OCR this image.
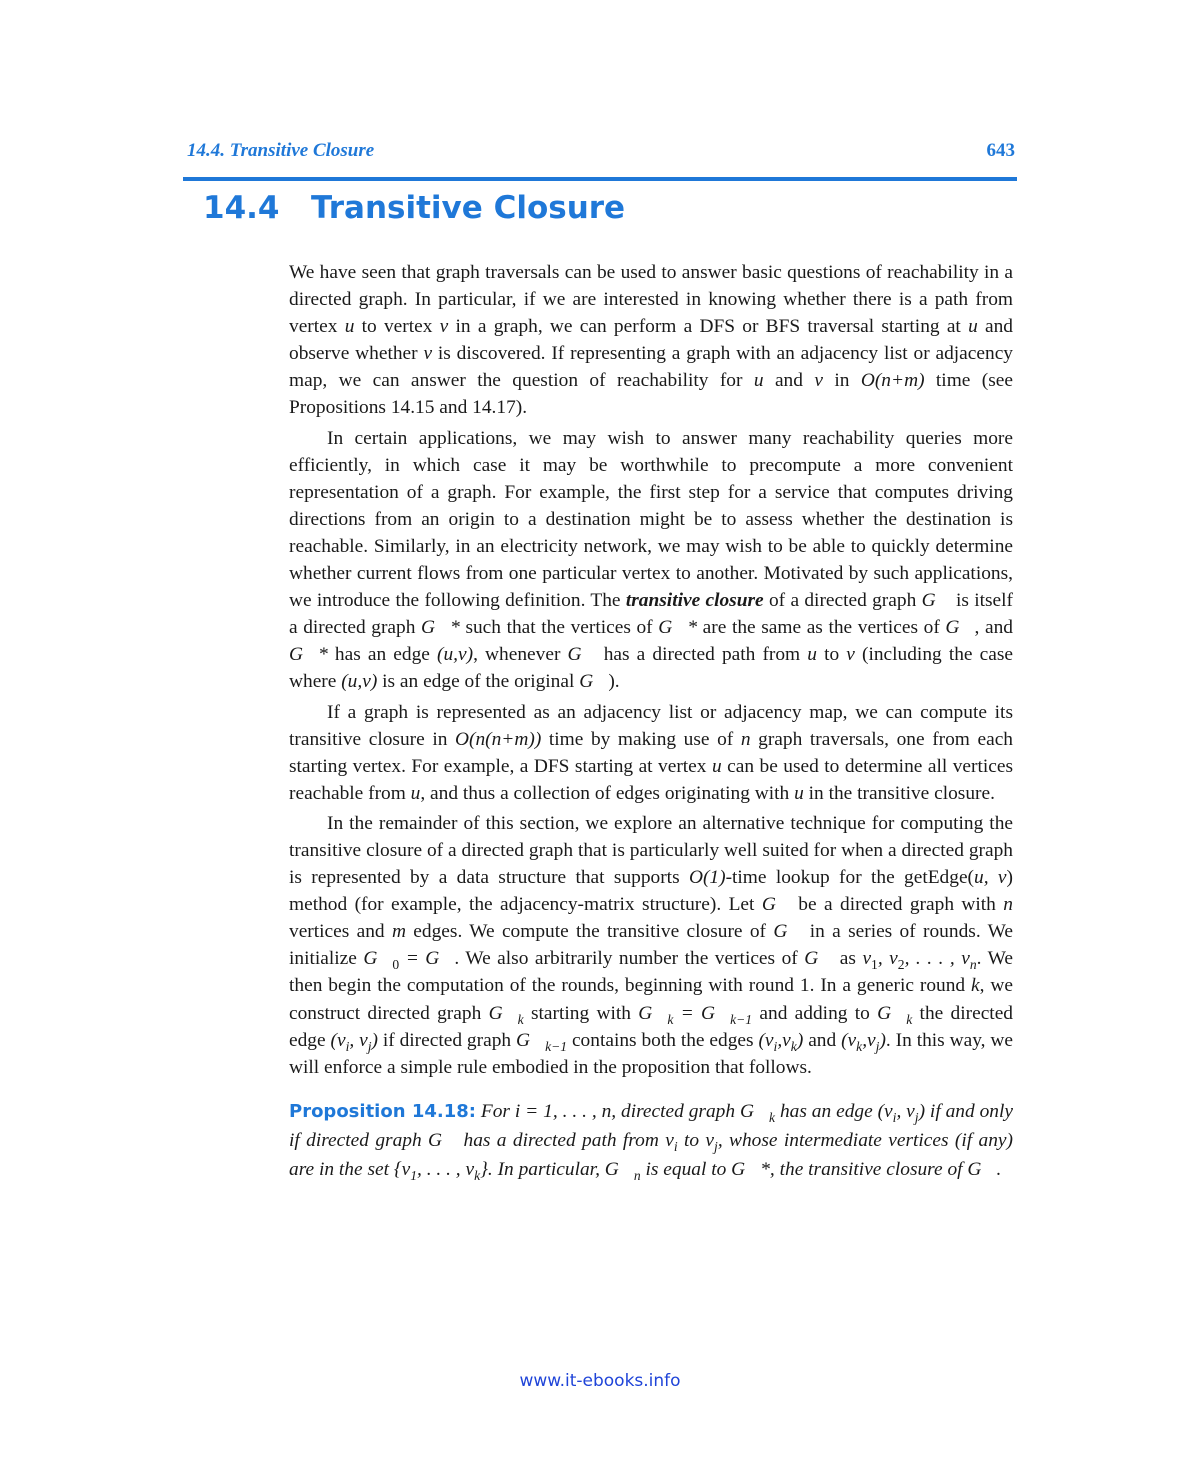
14.4. Transitive Closure	643
14.4 Transitive Closure

We have seen that graph traversals can be used to answer basic questions of reachability in a directed graph. In particular, if we are interested in knowing whether there is a path from vertex u to vertex v in a graph, we can perform a DFS or BFS traversal starting at u and observe whether v is discovered. If representing a graph with an adjacency list or adjacency map, we can answer the question of reachability for u and v in O(n+m) time (see Propositions 14.15 and 14.17).

In certain applications, we may wish to answer many reachability queries more efficiently, in which case it may be worthwhile to precompute a more convenient representation of a graph. For example, the first step for a service that computes driving directions from an origin to a destination might be to assess whether the destination is reachable. Similarly, in an electricity network, we may wish to be able to quickly determine whether current flows from one particular vertex to another. Motivated by such applications, we introduce the following definition. The transitive closure of a directed graph G⃗ is itself a directed graph G⃗* such that the vertices of G⃗* are the same as the vertices of G⃗, and G⃗* has an edge (u,v), whenever G⃗ has a directed path from u to v (including the case where (u,v) is an edge of the original G⃗).

If a graph is represented as an adjacency list or adjacency map, we can compute its transitive closure in O(n(n+m)) time by making use of n graph traversals, one from each starting vertex. For example, a DFS starting at vertex u can be used to determine all vertices reachable from u, and thus a collection of edges originating with u in the transitive closure.

In the remainder of this section, we explore an alternative technique for computing the transitive closure of a directed graph that is particularly well suited for when a directed graph is represented by a data structure that supports O(1)-time lookup for the getEdge(u, v) method (for example, the adjacency-matrix structure). Let G⃗ be a directed graph with n vertices and m edges. We compute the transitive closure of G⃗ in a series of rounds. We initialize $G⃗_0$ = G⃗. We also arbitrarily number the vertices of G⃗ as $v_1$, $v_2$, . . . , $v_n$. We then begin the computation of the rounds, beginning with round 1. In a generic round k, we construct directed graph $G⃗_k$ starting with $G⃗_k$ = $G⃗_{k-1}$ and adding to $G⃗_k$ the directed edge ($v_i$, $v_j$) if directed graph $G⃗_{k-1}$ contains both the edges $(v_i,v_k)$ and $(v_k,v_j)$. In this way, we will enforce a simple rule embodied in the proposition that follows.

Proposition 14.18: For i = 1, . . . , n, directed graph $G⃗_k$ has an edge ($v_i$, $v_j$) if and only if directed graph G⃗ has a directed path from $v_i$ to $v_j$, whose intermediate vertices (if any) are in the set {$v_1$, . . . , $v_k$}. In particular, $G⃗_n$ is equal to G⃗*, the transitive closure of G⃗.

www.it-ebooks.info
